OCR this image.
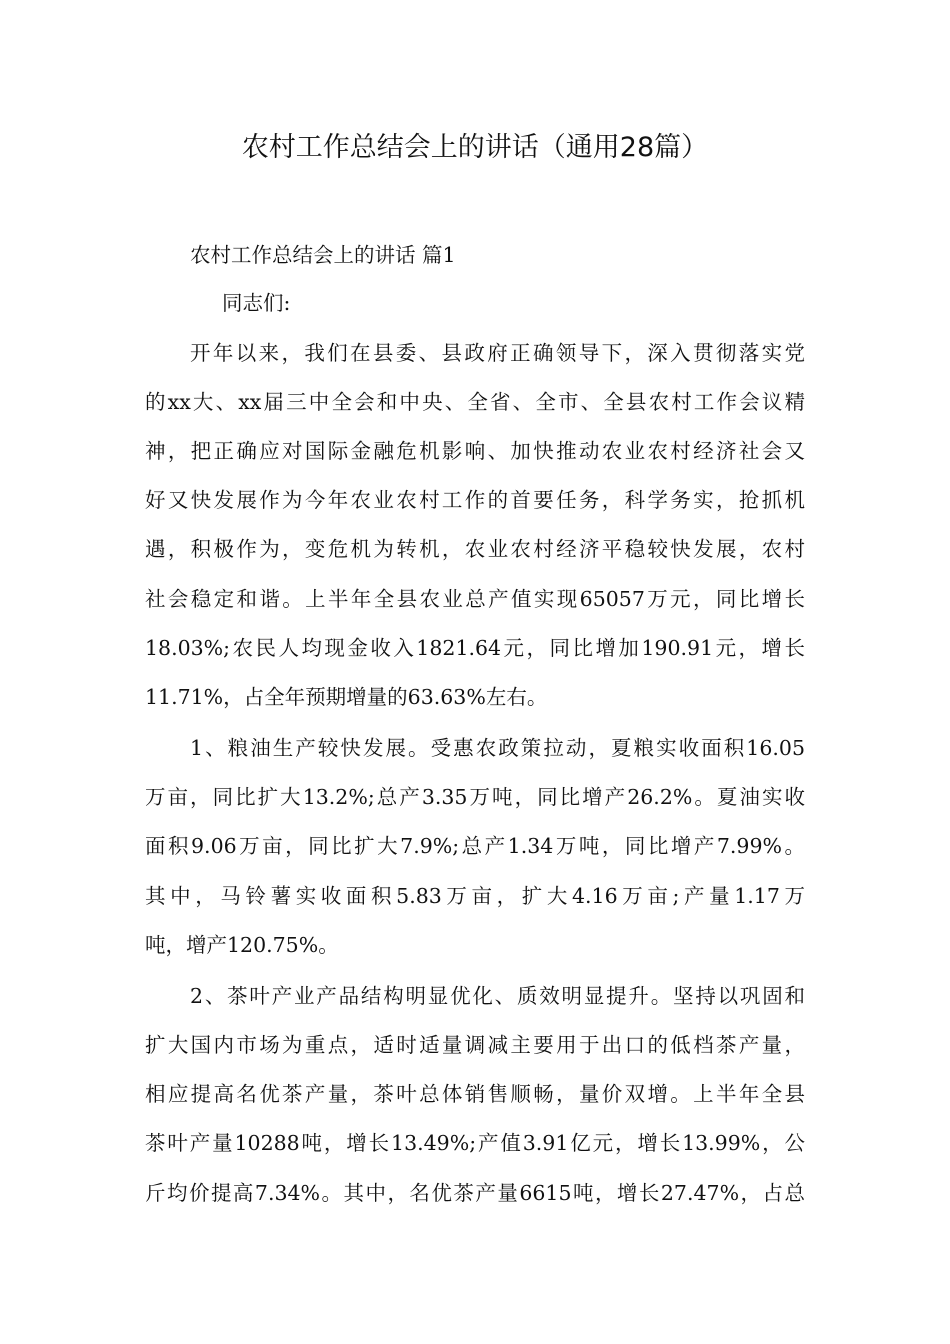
农村工作总结会上的讲话（通用28篇）

农村工作总结会上的讲话 篇1

同志们:

开年以来，我们在县委、县政府正确领导下，深入贯彻落实党

的xx大、xx届三中全会和中央、全省、全市、全县农村工作会议精

神，把正确应对国际金融危机影响、加快推动农业农村经济社会又

好又快发展作为今年农业农村工作的首要任务，科学务实，抢抓机

遇，积极作为，变危机为转机，农业农村经济平稳较快发展，农村

社会稳定和谐。上半年全县农业总产值实现65057万元，同比增长

18.03%;农民人均现金收入1821.64元，同比增加190.91元，增长

11.71%，占全年预期增量的63.63%左右。

1、粮油生产较快发展。受惠农政策拉动，夏粮实收面积16.05

万亩，同比扩大13.2%;总产3.35万吨，同比增产26.2%。夏油实收

面积9.06万亩，同比扩大7.9%;总产1.34万吨，同比增产7.99%。

其中，马铃薯实收面积5.83万亩，扩大4.16万亩;产量1.17万

吨，增产120.75%。

2、茶叶产业产品结构明显优化、质效明显提升。坚持以巩固和

扩大国内市场为重点，适时适量调减主要用于出口的低档茶产量，

相应提高名优茶产量，茶叶总体销售顺畅，量价双增。上半年全县

茶叶产量10288吨，增长13.49%;产值3.91亿元，增长13.99%，公

斤均价提高7.34%。其中，名优茶产量6615吨，增长27.47%，占总
